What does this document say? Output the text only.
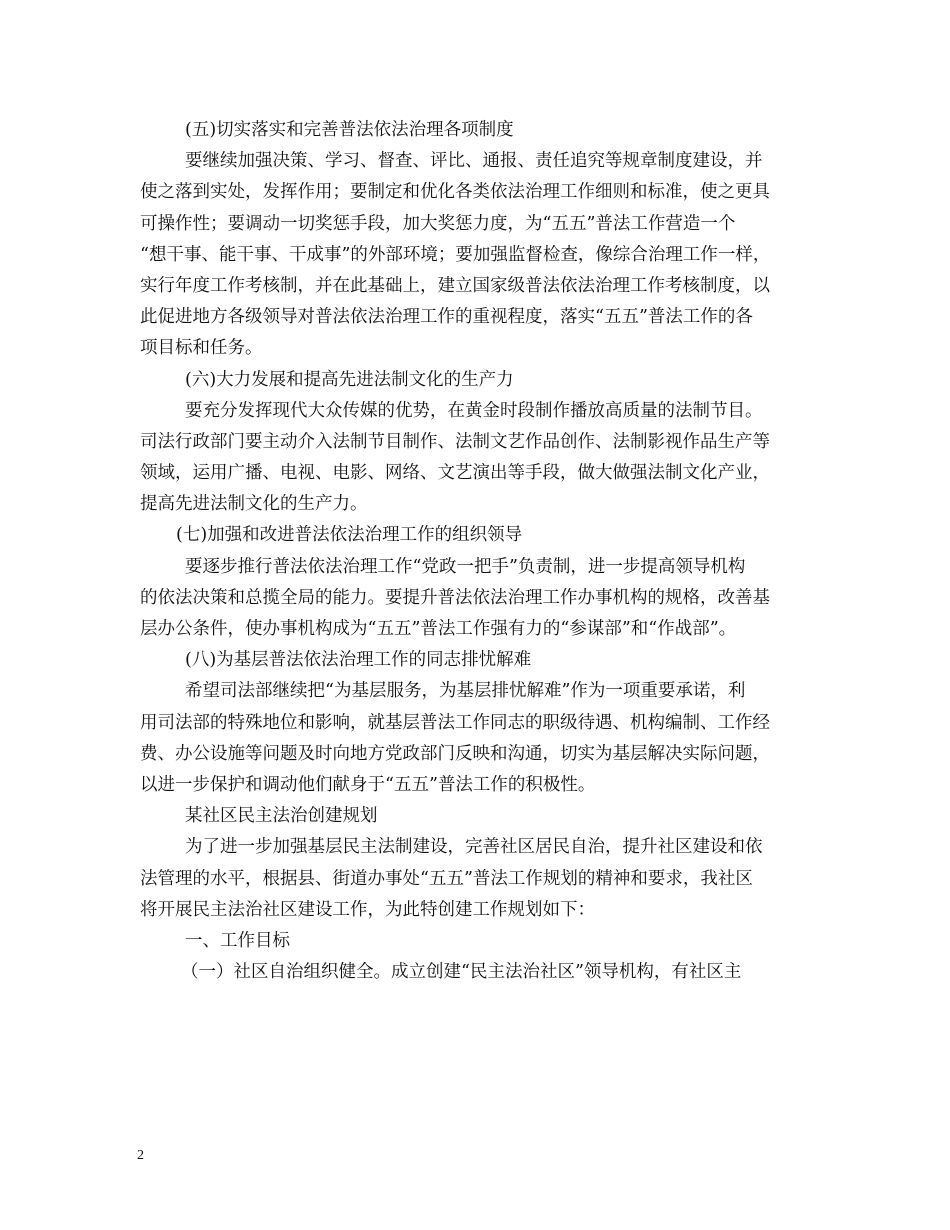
(五)切实落实和完善普法依法治理各项制度
要继续加强决策、学习、督查、评比、通报、责任追究等规章制度建设，并
使之落到实处，发挥作用；要制定和优化各类依法治理工作细则和标准，使之更具
可操作性；要调动一切奖惩手段，加大奖惩力度，为“五五”普法工作营造一个
“想干事、能干事、干成事”的外部环境；要加强监督检查，像综合治理工作一样，
实行年度工作考核制，并在此基础上，建立国家级普法依法治理工作考核制度，以
此促进地方各级领导对普法依法治理工作的重视程度，落实“五五”普法工作的各
项目标和任务。
(六)大力发展和提高先进法制文化的生产力
要充分发挥现代大众传媒的优势，在黄金时段制作播放高质量的法制节目。
司法行政部门要主动介入法制节目制作、法制文艺作品创作、法制影视作品生产等
领域，运用广播、电视、电影、网络、文艺演出等手段，做大做强法制文化产业，
提高先进法制文化的生产力。
(七)加强和改进普法依法治理工作的组织领导
要逐步推行普法依法治理工作“党政一把手”负责制，进一步提高领导机构
的依法决策和总揽全局的能力。要提升普法依法治理工作办事机构的规格，改善基
层办公条件，使办事机构成为“五五”普法工作强有力的“参谋部”和“作战部”。
(八)为基层普法依法治理工作的同志排忧解难
希望司法部继续把“为基层服务，为基层排忧解难”作为一项重要承诺，利
用司法部的特殊地位和影响，就基层普法工作同志的职级待遇、机构编制、工作经
费、办公设施等问题及时向地方党政部门反映和沟通，切实为基层解决实际问题，
以进一步保护和调动他们献身于“五五”普法工作的积极性。
某社区民主法治创建规划
为了进一步加强基层民主法制建设，完善社区居民自治，提升社区建设和依
法管理的水平，根据县、街道办事处“五五”普法工作规划的精神和要求，我社区
将开展民主法治社区建设工作，为此特创建工作规划如下：
一、工作目标
（一）社区自治组织健全。成立创建“民主法治社区”领导机构，有社区主
2
